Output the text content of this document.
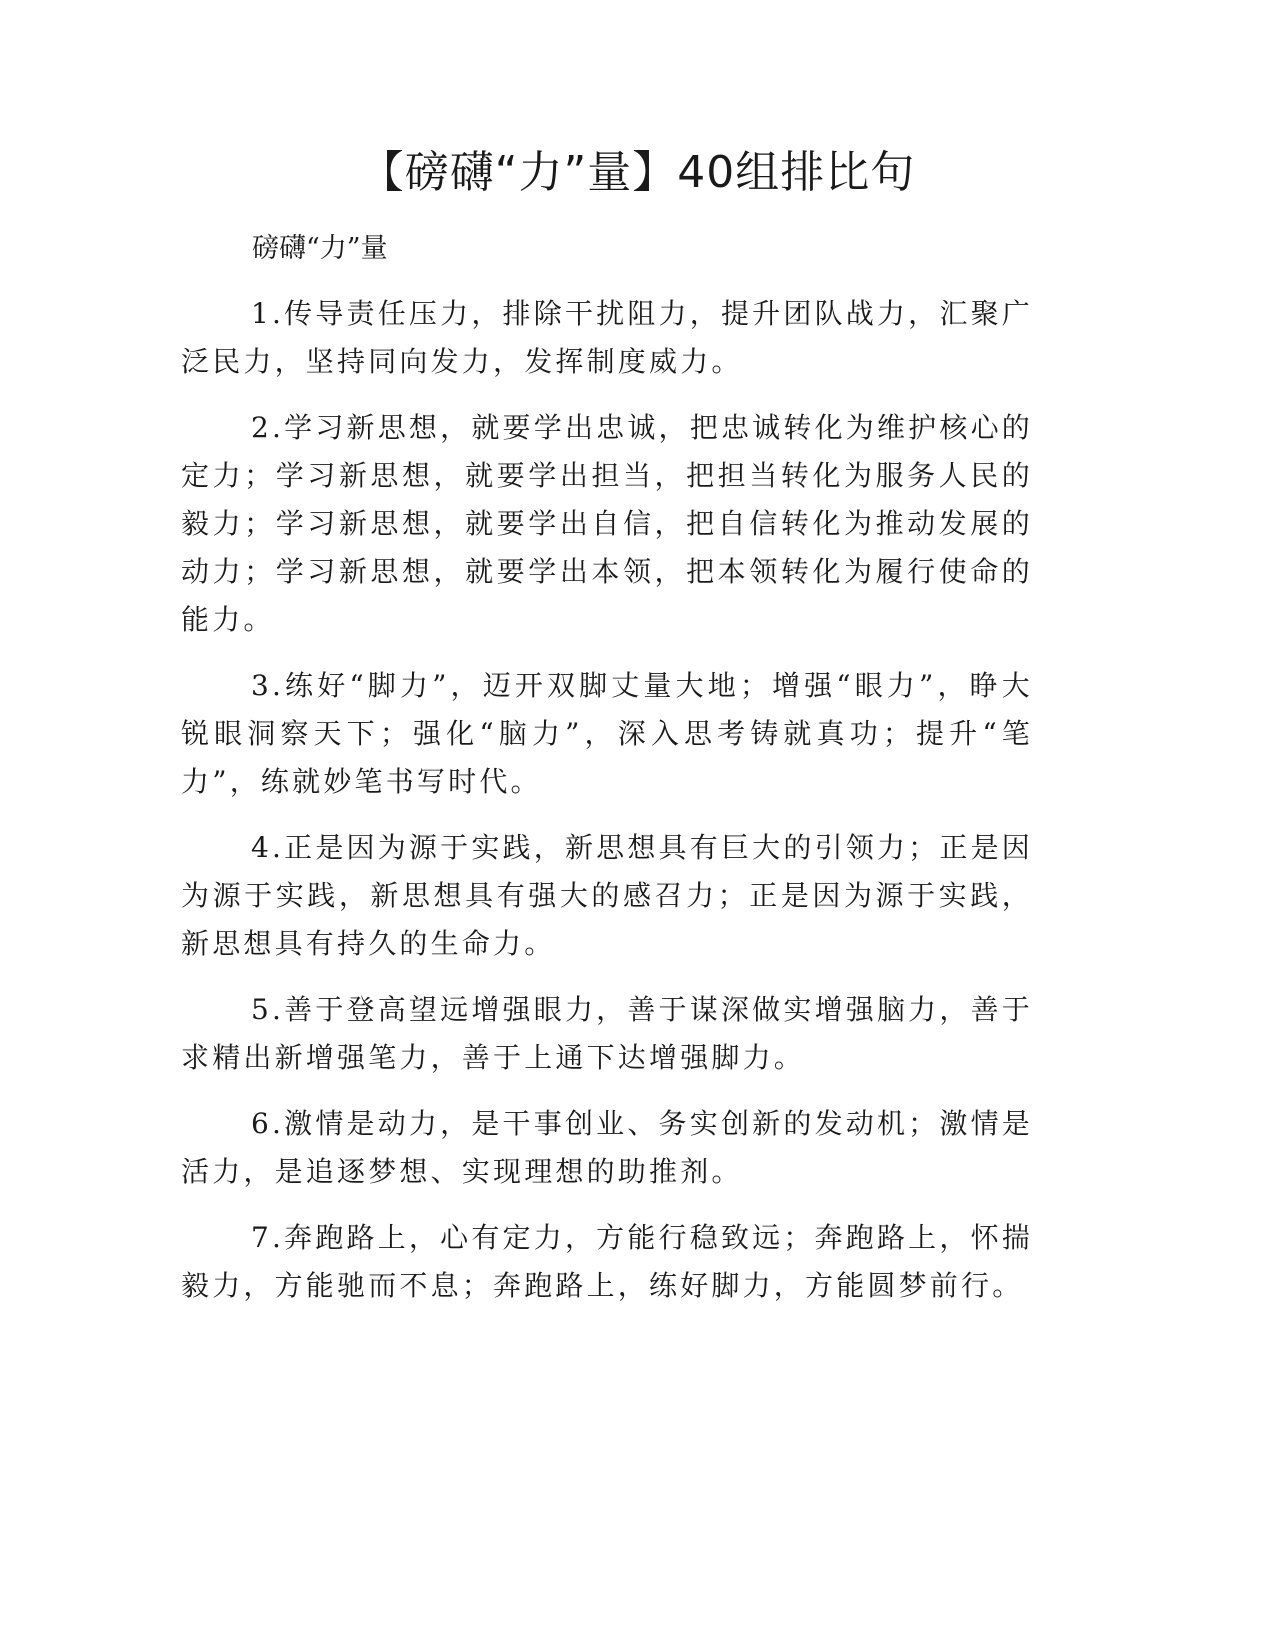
【磅礴“力”量】40组排比句

磅礴“力”量

1.传导责任压力，排除干扰阻力，提升团队战力，汇聚广泛民力，坚持同向发力，发挥制度威力。

2.学习新思想，就要学出忠诚，把忠诚转化为维护核心的定力；学习新思想，就要学出担当，把担当转化为服务人民的毅力；学习新思想，就要学出自信，把自信转化为推动发展的动力；学习新思想，就要学出本领，把本领转化为履行使命的能力。

3.练好“脚力”，迈开双脚丈量大地；增强“眼力”，睁大锐眼洞察天下；强化“脑力”，深入思考铸就真功；提升“笔力”，练就妙笔书写时代。

4.正是因为源于实践，新思想具有巨大的引领力；正是因为源于实践，新思想具有强大的感召力；正是因为源于实践，新思想具有持久的生命力。

5.善于登高望远增强眼力，善于谋深做实增强脑力，善于求精出新增强笔力，善于上通下达增强脚力。

6.激情是动力，是干事创业、务实创新的发动机；激情是活力，是追逐梦想、实现理想的助推剂。

7.奔跑路上，心有定力，方能行稳致远；奔跑路上，怀揣毅力，方能驰而不息；奔跑路上，练好脚力，方能圆梦前行。
